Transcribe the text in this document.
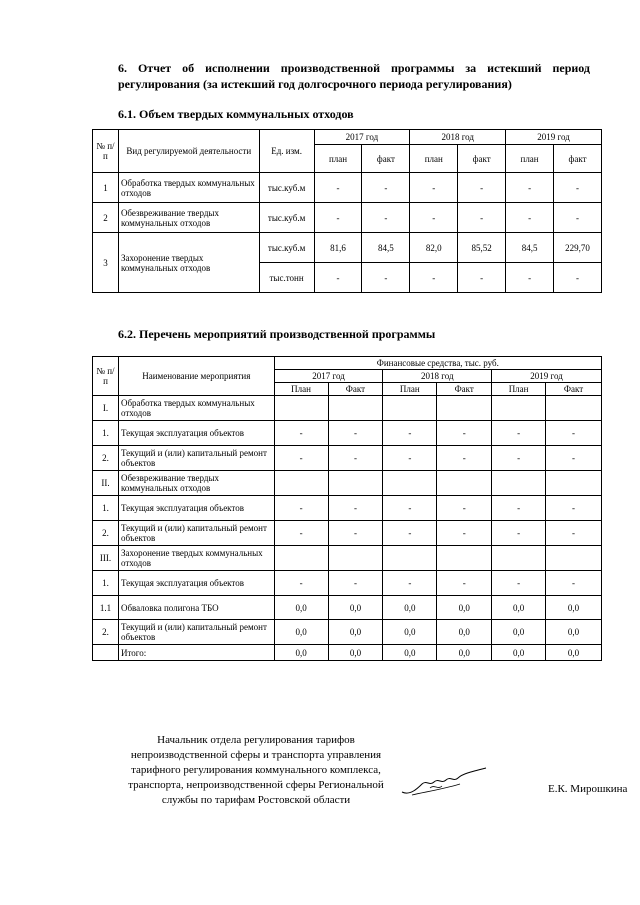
6. Отчет об исполнении производственной программы за истекший период
регулирования (за истекший год долгосрочного периода регулирования)
6.1. Объем твердых коммунальных отходов
№ п/п	Вид регулируемой деятельности	Ед. изм.	2017 год		2018 год		2019 год	
			план	факт	план	факт	план	факт
1	Обработка твердых коммунальных отходов	тыс.куб.м	-	-	-	-	-	-
2	Обезвреживание твердых коммунальных отходов	тыс.куб.м	-	-	-	-	-	-
3	Захоронение твердых коммунальных отходов	тыс.куб.м	81,6	84,5	82,0	85,52	84,5	229,70
		тыс.тонн	-	-	-	-	-	-
6.2. Перечень мероприятий производственной программы
№ п/п	Наименование мероприятия	Финансовые средства, тыс. руб.					
		2017 год		2018 год		2019 год	
		План	Факт	План	Факт	План	Факт
I.	Обработка твердых коммунальных отходов						
1.	Текущая эксплуатация объектов	-	-	-	-	-	-
2.	Текущий и (или) капитальный ремонт объектов	-	-	-	-	-	-
II.	Обезвреживание твердых коммунальных отходов						
1.	Текущая эксплуатация объектов	-	-	-	-	-	-
2.	Текущий и (или) капитальный ремонт объектов	-	-	-	-	-	-
III.	Захоронение твердых коммунальных отходов						
1.	Текущая эксплуатация объектов	-	-	-	-	-	-
1.1	Обваловка полигона ТБО	0,0	0,0	0,0	0,0	0,0	0,0
2.	Текущий и (или) капитальный ремонт объектов	0,0	0,0	0,0	0,0	0,0	0,0
	Итого:	0,0	0,0	0,0	0,0	0,0	0,0
Начальник отдела регулирования тарифов
непроизводственной сферы и транспорта управления
тарифного регулирования коммунального комплекса,
транспорта, непроизводственной сферы Региональной
службы по тарифам Ростовской области
Е.К. Мирошкина
